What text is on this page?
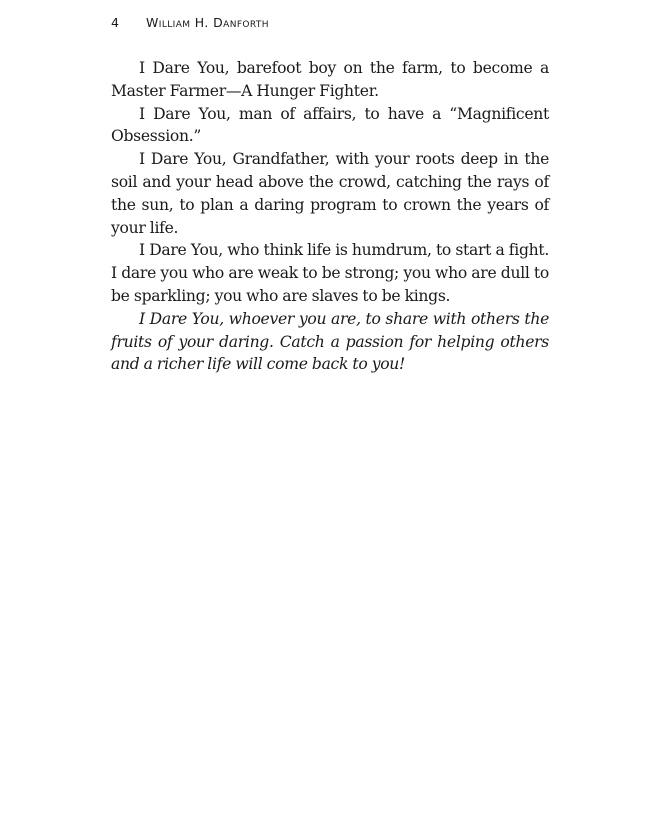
4 William H. Danforth

I Dare You, barefoot boy on the farm, to become a Master Farmer—A Hunger Fighter.

I Dare You, man of affairs, to have a “Magnificent Obsession.”

I Dare You, Grandfather, with your roots deep in the soil and your head above the crowd, catching the rays of the sun, to plan a daring program to crown the years of your life.

I Dare You, who think life is humdrum, to start a fight. I dare you who are weak to be strong; you who are dull to be sparkling; you who are slaves to be kings.

I Dare You, whoever you are, to share with others the fruits of your daring. Catch a passion for helping others and a richer life will come back to you!
